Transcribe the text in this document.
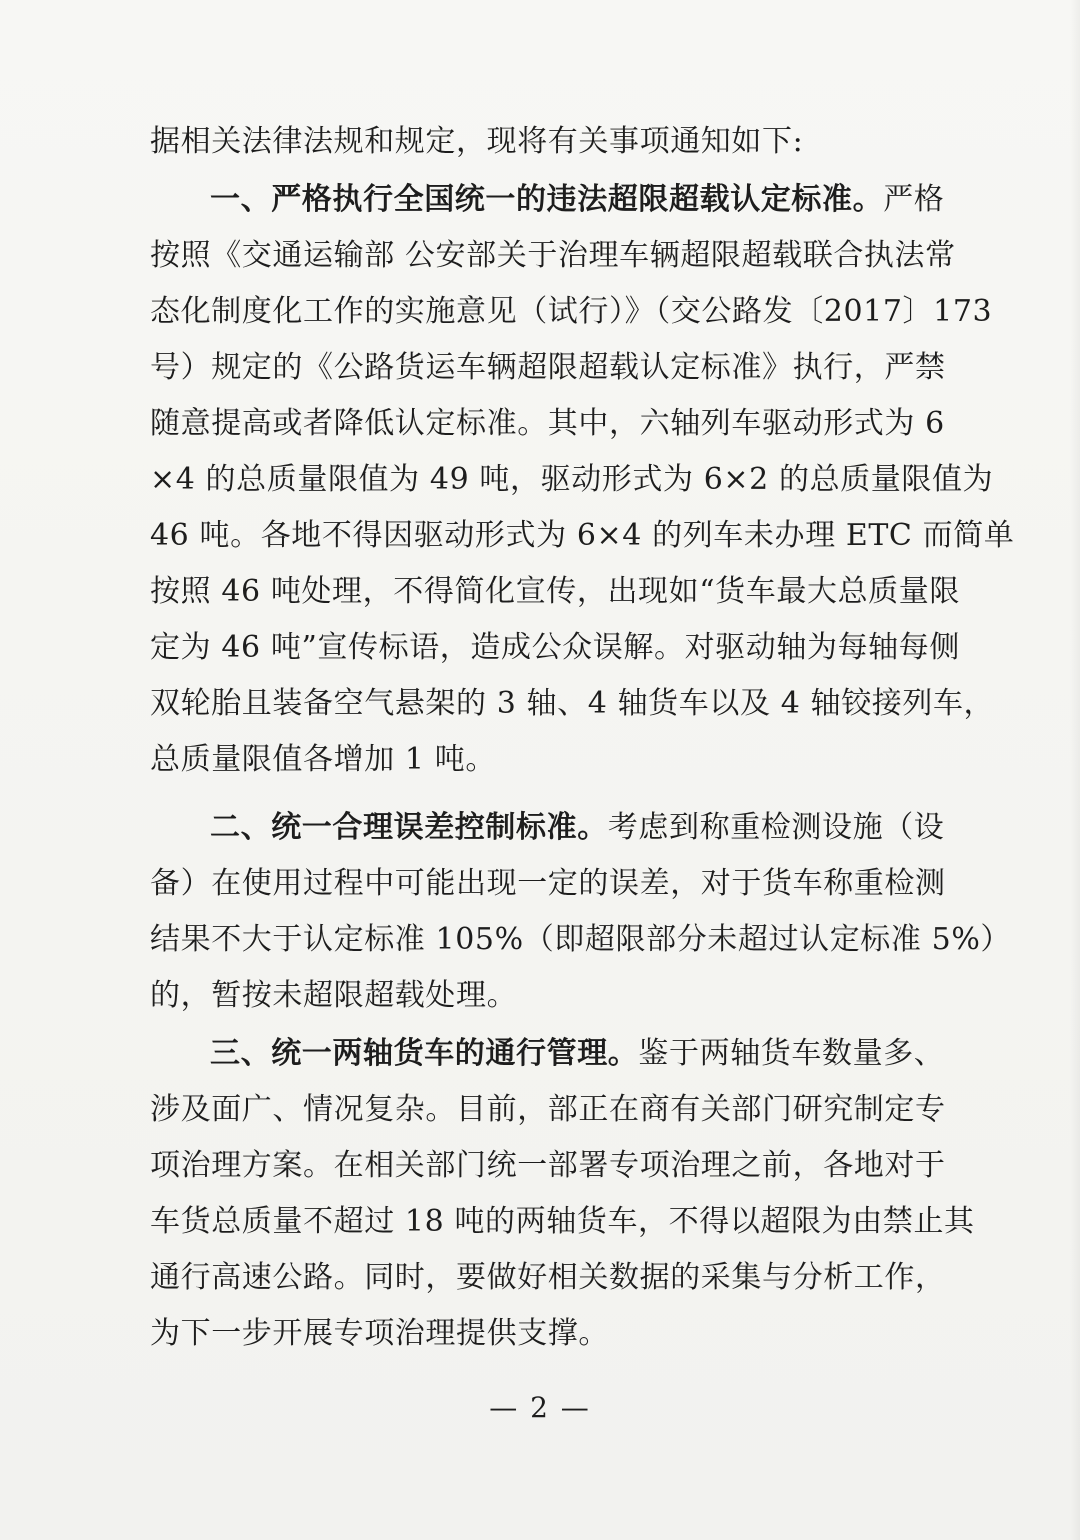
据相关法律法规和规定，现将有关事项通知如下:

一、严格执行全国统一的违法超限超载认定标准。严格

按照《交通运输部 公安部关于治理车辆超限超载联合执法常

态化制度化工作的实施意见（试行）》（交公路发〔2017〕173

号）规定的《公路货运车辆超限超载认定标准》执行，严禁

随意提高或者降低认定标准。其中，六轴列车驱动形式为 6

×4 的总质量限值为 49 吨，驱动形式为 6×2 的总质量限值为

46 吨。各地不得因驱动形式为 6×4 的列车未办理 ETC 而简单

按照 46 吨处理，不得简化宣传，出现如“货车最大总质量限

定为 46 吨”宣传标语，造成公众误解。对驱动轴为每轴每侧

双轮胎且装备空气悬架的 3 轴、4 轴货车以及 4 轴铰接列车，

总质量限值各增加 1 吨。

二、统一合理误差控制标准。考虑到称重检测设施（设

备）在使用过程中可能出现一定的误差，对于货车称重检测

结果不大于认定标准 105%（即超限部分未超过认定标准 5%）

的，暂按未超限超载处理。

三、统一两轴货车的通行管理。鉴于两轴货车数量多、

涉及面广、情况复杂。目前，部正在商有关部门研究制定专

项治理方案。在相关部门统一部署专项治理之前，各地对于

车货总质量不超过 18 吨的两轴货车，不得以超限为由禁止其

通行高速公路。同时，要做好相关数据的采集与分析工作，

为下一步开展专项治理提供支撑。

— 2 —
